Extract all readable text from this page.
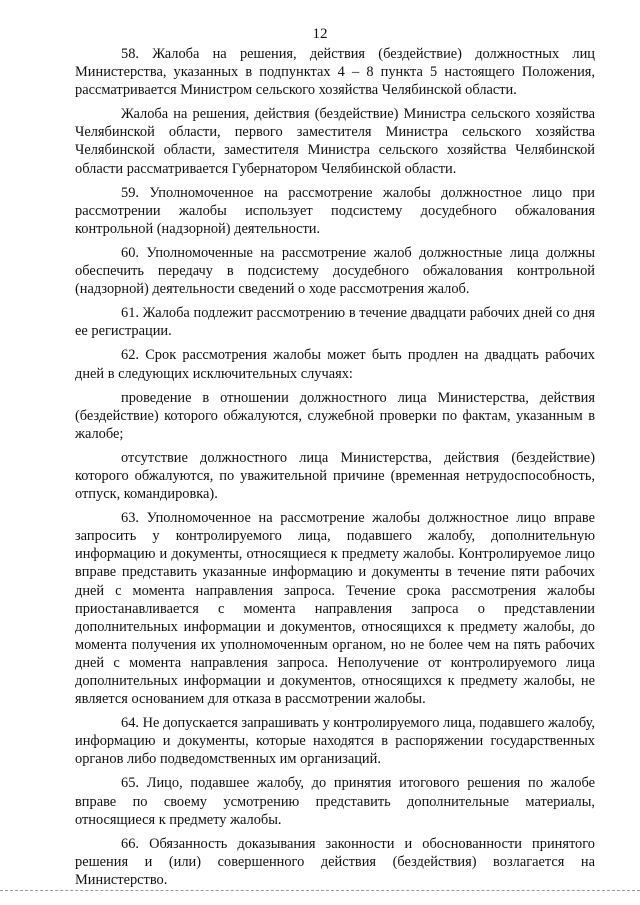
12

58. Жалоба на решения, действия (бездействие) должностных лиц Министерства, указанных в подпунктах 4 – 8 пункта 5 настоящего Положения, рассматривается Министром сельского хозяйства Челябинской области.

Жалоба на решения, действия (бездействие) Министра сельского хозяйства Челябинской области, первого заместителя Министра сельского хозяйства Челябинской области, заместителя Министра сельского хозяйства Челябинской области рассматривается Губернатором Челябинской области.

59. Уполномоченное на рассмотрение жалобы должностное лицо при рассмотрении жалобы использует подсистему досудебного обжалования контрольной (надзорной) деятельности.

60. Уполномоченные на рассмотрение жалоб должностные лица должны обеспечить передачу в подсистему досудебного обжалования контрольной (надзорной) деятельности сведений о ходе рассмотрения жалоб.

61. Жалоба подлежит рассмотрению в течение двадцати рабочих дней со дня ее регистрации.

62. Срок рассмотрения жалобы может быть продлен на двадцать рабочих дней в следующих исключительных случаях:

проведение в отношении должностного лица Министерства, действия (бездействие) которого обжалуются, служебной проверки по фактам, указанным в жалобе;

отсутствие должностного лица Министерства, действия (бездействие) которого обжалуются, по уважительной причине (временная нетрудоспособность, отпуск, командировка).

63. Уполномоченное на рассмотрение жалобы должностное лицо вправе запросить у контролируемого лица, подавшего жалобу, дополнительную информацию и документы, относящиеся к предмету жалобы. Контролируемое лицо вправе представить указанные информацию и документы в течение пяти рабочих дней с момента направления запроса. Течение срока рассмотрения жалобы приостанавливается с момента направления запроса о представлении дополнительных информации и документов, относящихся к предмету жалобы, до момента получения их уполномоченным органом, но не более чем на пять рабочих дней с момента направления запроса. Неполучение от контролируемого лица дополнительных информации и документов, относящихся к предмету жалобы, не является основанием для отказа в рассмотрении жалобы.

64. Не допускается запрашивать у контролируемого лица, подавшего жалобу, информацию и документы, которые находятся в распоряжении государственных органов либо подведомственных им организаций.

65. Лицо, подавшее жалобу, до принятия итогового решения по жалобе вправе по своему усмотрению представить дополнительные материалы, относящиеся к предмету жалобы.

66. Обязанность доказывания законности и обоснованности принятого решения и (или) совершенного действия (бездействия) возлагается на Министерство.
